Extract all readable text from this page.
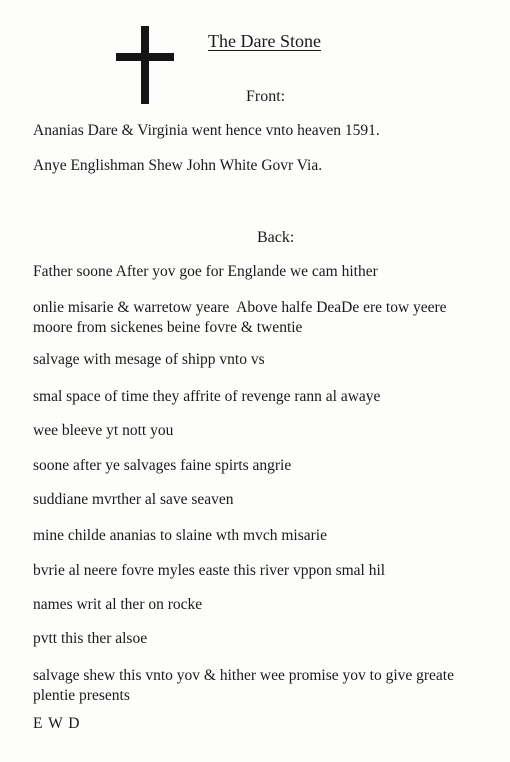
The Dare Stone
Front:
Ananias Dare & Virginia went hence vnto heaven 1591.
Anye Englishman Shew John White Govr Via.
Back:
Father soone After yov goe for Englande we cam hither
onlie misarie & warretow yeare  Above halfe DeaDe ere tow yeere
moore from sickenes beine fovre & twentie
salvage with mesage of shipp vnto vs
smal space of time they affrite of revenge rann al awaye
wee bleeve yt nott you
soone after ye salvages faine spirts angrie
suddiane mvrther al save seaven
mine childe ananias to slaine wth mvch misarie
bvrie al neere fovre myles easte this river vppon smal hil
names writ al ther on rocke
pvtt this ther alsoe
salvage shew this vnto yov & hither wee promise yov to give greate
plentie presents
E W D
